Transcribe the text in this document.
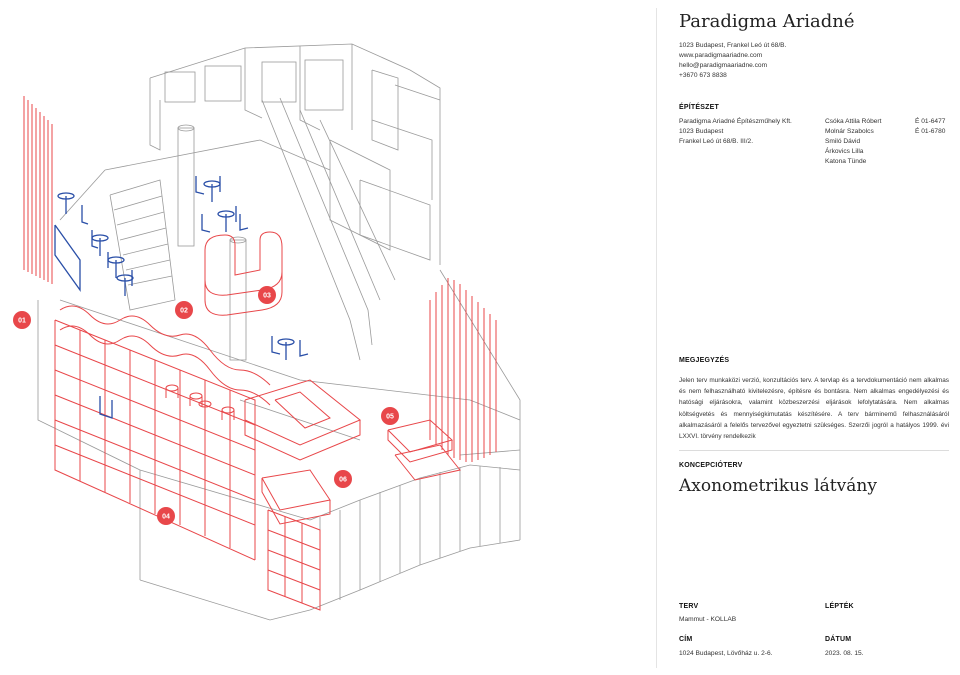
01
02
03
04
05
06
Paradigma Ariadné
1023 Budapest, Frankel Leó út 68/B.
www.paradigmaariadne.com
hello@paradigmaariadne.com
+3670 673 8838
ÉPÍTÉSZET
Paradigma Ariadné Építészműhely Kft.
1023 Budapest
Frankel Leó út 68/B. III/2.
Csóka Attila Róbert
Molnár Szabolcs
Smiló Dávid
Árkovics Lilla
Katona Tünde
É 01-6477
É 01-6780
MEGJEGYZÉS
Jelen terv munkaközi verzió, konzultációs terv. A tervlap és a tervdokumentáció nem alkalmas és nem felhasználható kivitelezésre, építésre és bontásra. Nem alkalmas engedélyezési és hatósági eljárásokra, valamint közbeszerzési eljárások lefolytatására. Nem alkalmas költségvetés és mennyiségkimutatás készítésére. A terv bárminemű felhasználásáról alkalmazásáról a felelős tervezővel egyeztetni szükséges. Szerzői jogról a hatályos 1999. évi LXXVI. törvény rendelkezik
KONCEPCIÓTERV
Axonometrikus látvány
TERV
Mammut - KOLLAB
LÉPTÉK
CÍM
1024 Budapest, Lövőház u. 2-6.
DÁTUM
2023. 08. 15.
